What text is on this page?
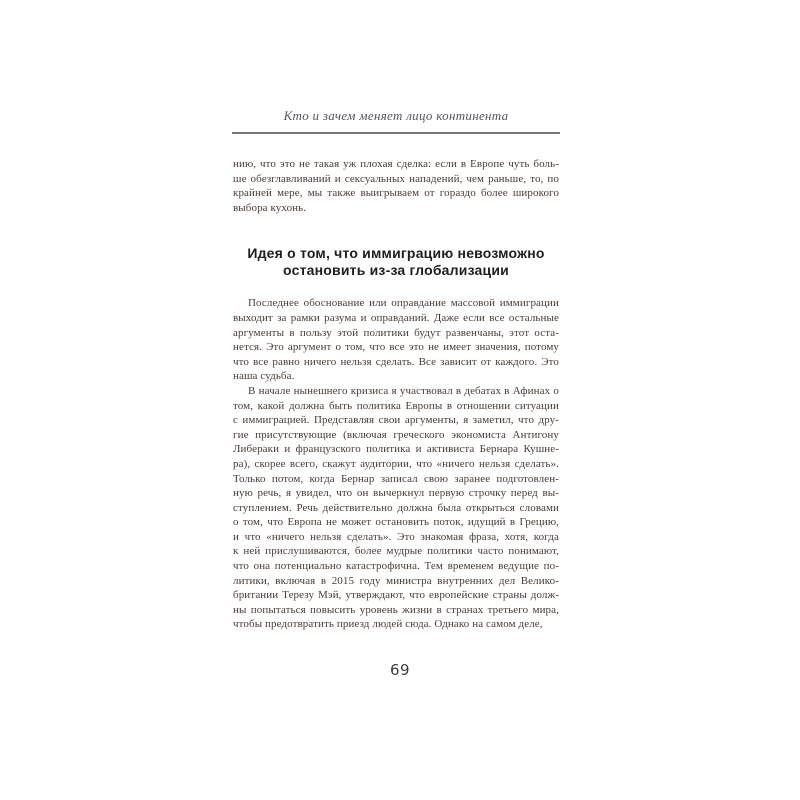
Кто и зачем меняет лицо континента
нию, что это не такая уж плохая сделка: если в Европе чуть боль-
ше обезглавливаний и сексуальных нападений, чем раньше, то, по
крайней мере, мы также выигрываем от гораздо более широкого
выбора кухонь.
Идея о том, что иммиграцию невозможно
остановить из-за глобализации
Последнее обоснование или оправдание массовой иммиграции
выходит за рамки разума и оправданий. Даже если все остальные
аргументы в пользу этой политики будут развенчаны, этот оста-
нется. Это аргумент о том, что все это не имеет значения, потому
что все равно ничего нельзя сделать. Все зависит от каждого. Это
наша судьба.
В начале нынешнего кризиса я участвовал в дебатах в Афинах о
том, какой должна быть политика Европы в отношении ситуации
с иммиграцией. Представляя свои аргументы, я заметил, что дру-
гие присутствующие (включая греческого экономиста Антигону
Либераки и французского политика и активиста Бернара Кушне-
ра), скорее всего, скажут аудитории, что «ничего нельзя сделать».
Только потом, когда Бернар записал свою заранее подготовлен-
ную речь, я увидел, что он вычеркнул первую строчку перед вы-
ступлением. Речь действительно должна была открыться словами
о том, что Европа не может остановить поток, идущий в Грецию,
и что «ничего нельзя сделать». Это знакомая фраза, хотя, когда
к ней прислушиваются, более мудрые политики часто понимают,
что она потенциально катастрофична. Тем временем ведущие по-
литики, включая в 2015 году министра внутренних дел Велико-
британии Терезу Мэй, утверждают, что европейские страны долж-
ны попытаться повысить уровень жизни в странах третьего мира,
чтобы предотвратить приезд людей сюда. Однако на самом деле,
69
